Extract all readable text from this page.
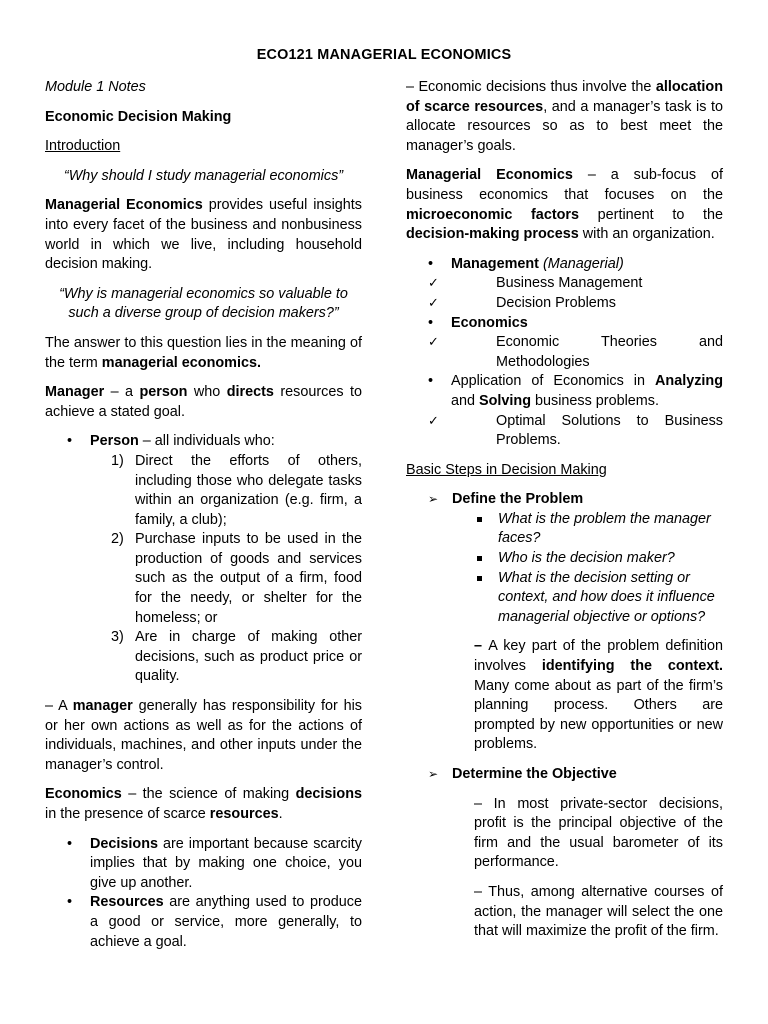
ECO121 MANAGERIAL ECONOMICS

Module 1 Notes

Economic Decision Making

Introduction

“Why should I study managerial economics”

Managerial Economics provides useful insights into every facet of the business and nonbusiness world in which we live, including household decision making.

“Why is managerial economics so valuable to such a diverse group of decision makers?”

The answer to this question lies in the meaning of the term managerial economics.

Manager – a person who directs resources to achieve a stated goal.

• Person – all individuals who:
1) Direct the efforts of others, including those who delegate tasks within an organization (e.g. firm, a family, a club);
2) Purchase inputs to be used in the production of goods and services such as the output of a firm, food for the needy, or shelter for the homeless; or
3) Are in charge of making other decisions, such as product price or quality.

– A manager generally has responsibility for his or her own actions as well as for the actions of individuals, machines, and other inputs under the manager’s control.

Economics – the science of making decisions in the presence of scarce resources.

• Decisions are important because scarcity implies that by making one choice, you give up another.
• Resources are anything used to produce a good or service, more generally, to achieve a goal.

– Economic decisions thus involve the allocation of scarce resources, and a manager’s task is to allocate resources so as to best meet the manager’s goals.

Managerial Economics – a sub-focus of business economics that focuses on the microeconomic factors pertinent to the decision-making process with an organization.

• Management (Managerial)
✓ Business Management
✓ Decision Problems
• Economics
✓ Economic Theories and Methodologies
• Application of Economics in Analyzing and Solving business problems.
✓ Optimal Solutions to Business Problems.

Basic Steps in Decision Making

➢ Define the Problem
What is the problem the manager faces?
Who is the decision maker?
What is the decision setting or context, and how does it influence managerial objective or options?

– A key part of the problem definition involves identifying the context. Many come about as part of the firm’s planning process. Others are prompted by new opportunities or new problems.

➢ Determine the Objective

– In most private-sector decisions, profit is the principal objective of the firm and the usual barometer of its performance.

– Thus, among alternative courses of action, the manager will select the one that will maximize the profit of the firm.
